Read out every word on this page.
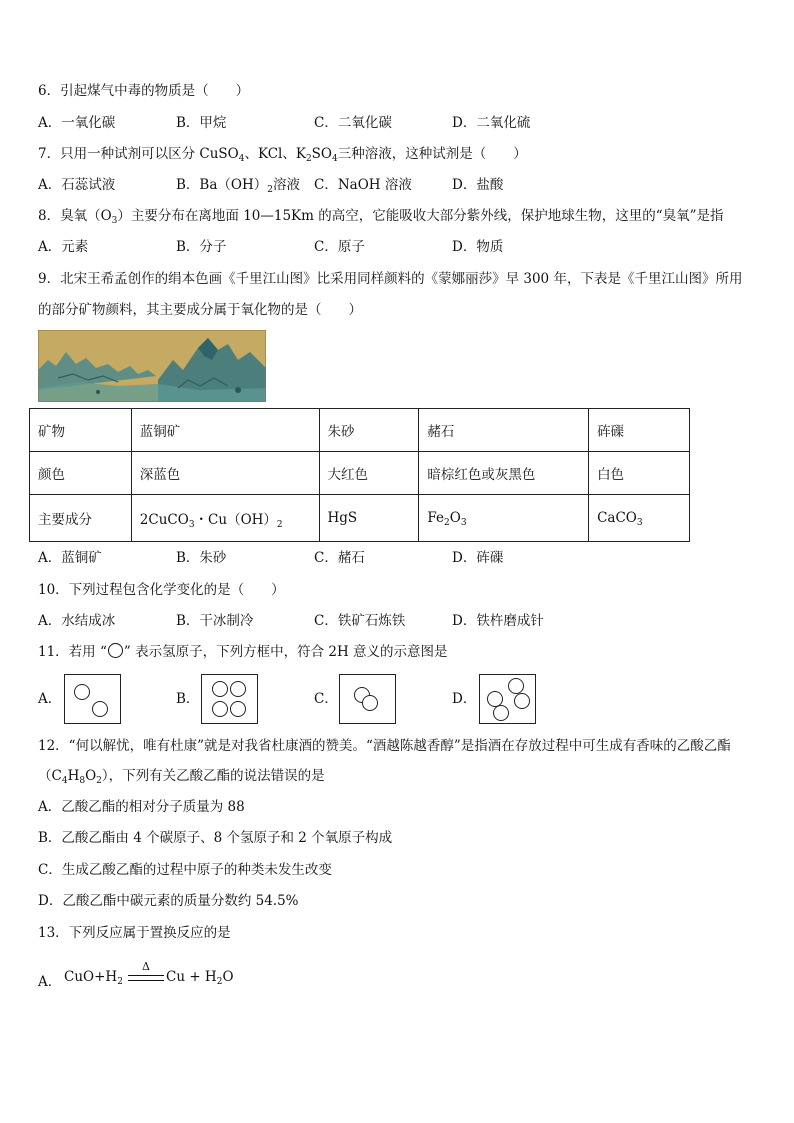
6．引起煤气中毒的物质是（　　）
A．一氧化碳	B．甲烷	C．二氧化碳	D．二氧化硫
7．只用一种试剂可以区分 CuSO$_4$、KCl、$K_2SO_4$三种溶液，这种试剂是（　　）
A．石蕊试液	B．$Ba(OH)_2$溶液 C．NaOH 溶液	D．盐酸
8．臭氧$(O_3)$主要分布在离地面 10—15Km 的高空，它能吸收大部分紫外线，保护地球生物，这里的“臭氧”是指
A．元素	B．分子	C．原子	D．物质
9．北宋王希孟创作的绢本色画《千里江山图》比采用同样颜料的《蒙娜丽莎》早 300 年，下表是《千里江山图》所用
的部分矿物颜料，其主要成分属于氧化物的是（　　）
矿物	蓝铜矿	朱砂	赭石	砗磲
颜色	深蓝色	大红色	暗棕红色或灰黑色	白色
主要成分	2CuCO$_3$・$Cu(OH)_2$	HgS	$Fe_2O_3$	CaCO$_3$
A．蓝铜矿	B．朱砂	C．赭石	D．砗磲
10．下列过程包含化学变化的是（　　）
A．水结成冰	B．干冰制冷	C．铁矿石炼铁	D．铁杵磨成针
11．若用 “ ” 表示氢原子，下列方框中，符合 2H 意义的示意图是
A．	B．	C．	D．
12．“何以解忧，唯有杜康”就是对我省杜康酒的赞美。“酒越陈越香醇”是指酒在存放过程中可生成有香味的乙酸乙酯
$(C_4H_8O_2)$，下列有关乙酸乙酯的说法错误的是
A．乙酸乙酯的相对分子质量为 88
B．乙酸乙酯由 4 个碳原子、8 个氢原子和 2 个氧原子构成
C．生成乙酸乙酯的过程中原子的种类未发生改变
D．乙酸乙酯中碳元素的质量分数约 54.5%
13．下列反应属于置换反应的是
A． $CuO+H_2$
Δ
$Cu + H_2O$
